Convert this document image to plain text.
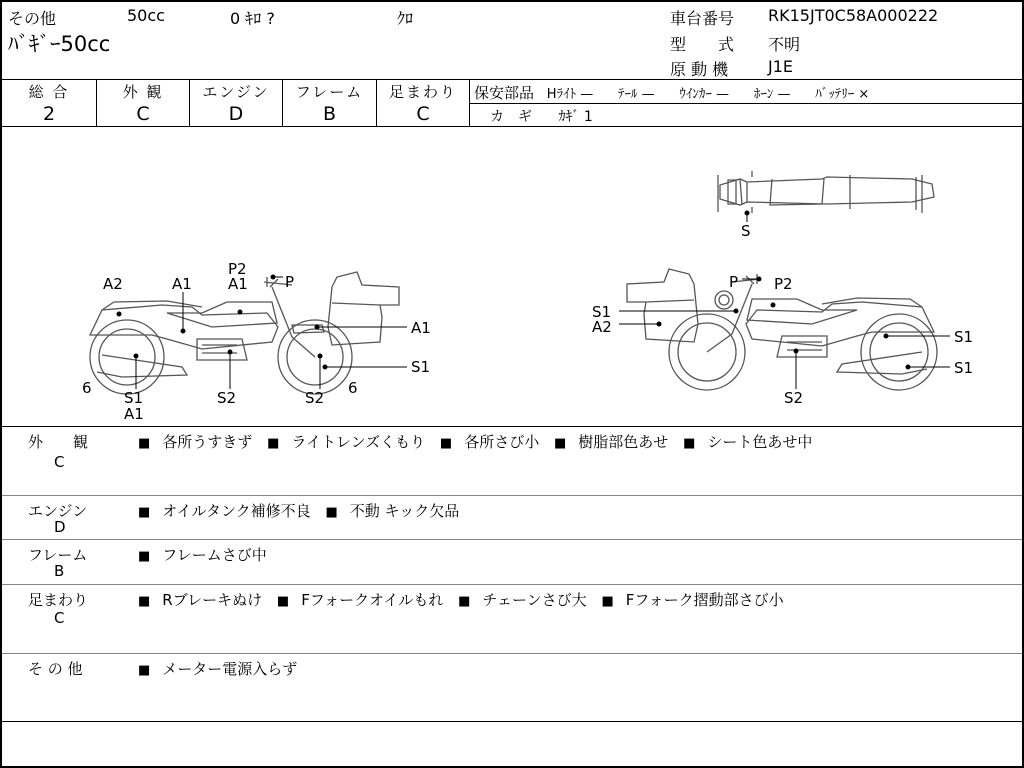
その他	50cc	0 ｷﾛ ?	ｸﾛ
ﾊﾞｷﾞｰ50cc
車台番号 RK15JT0C58A000222
型　　式 不明
原 動 機 J1E
総 合
2
外 観
C
エンジン
D
フレーム
B
足まわり
C
保安部品 Hﾗｲﾄ — ﾃｰﾙ — ｳｲﾝｶｰ — ﾎｰﾝ — ﾊﾞｯﾃﾘｰ ×
カ　ギ ｶｷﾞ 1
A2	A1
P2
A1 P
A1
S1
6
S1
A1
S2	S2
6
S
P P2
S1
A2
S1
S1
S2
外　　観
C
■ 各所うすきず	■ ライトレンズくもり	■ 各所さび小	■ 樹脂部色あせ	■ シート色あせ中
エンジン
D
■ オイルタンク補修不良	■ 不動 キック欠品
フレーム
B
■ フレームさび中
足まわり
C
■ Rブレーキぬけ	■ Fフォークオイルもれ	■ チェーンさび大	■ Fフォーク摺動部さび小
そ の 他	■ メーター電源入らず
